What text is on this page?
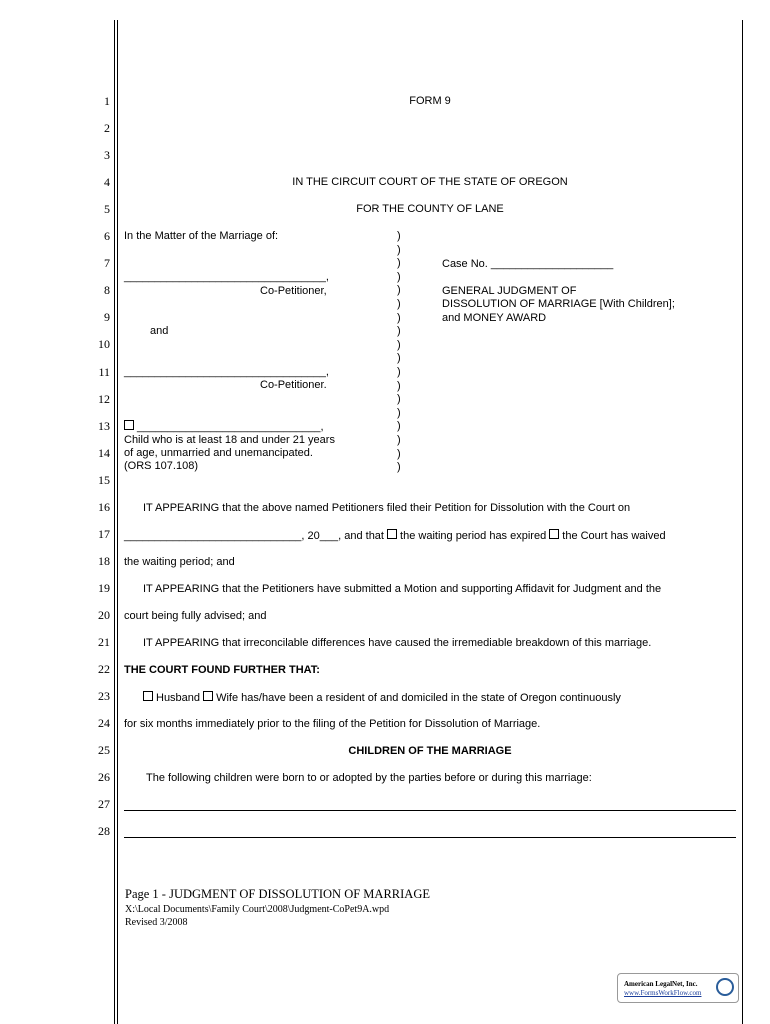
1
2
3
4
5
6
7
8
9
10
11
12
13
14
15
16
17
18
19
20
21
22
23
24
25
26
27
28
FORM 9
IN THE CIRCUIT COURT OF THE STATE OF OREGON
FOR THE COUNTY OF LANE
In the Matter of the Marriage of:
_________________________________,
Co-Petitioner,
and
_________________________________,
Co-Petitioner.
______________________________,
Child who is at least 18 and under 21 years
of age, unmarried and unemancipated.
(ORS 107.108)
)
)
)
)
)
)
)
)
)
)
)
)
)
)
)
)
)
)
Case No. ____________________
GENERAL JUDGMENT OF
DISSOLUTION OF MARRIAGE [With Children];
and MONEY AWARD
IT APPEARING that the above named Petitioners filed their Petition for Dissolution with the Court on
_____________________________, 20___, and that the waiting period has expired the Court has waived
the waiting period; and
IT APPEARING that the Petitioners have submitted a Motion and supporting Affidavit for Judgment and the
court being fully advised; and
IT APPEARING that irreconcilable differences have caused the irremediable breakdown of this marriage.
THE COURT FOUND FURTHER THAT:
Husband Wife has/have been a resident of and domiciled in the state of Oregon continuously
for six months immediately prior to the filing of the Petition for Dissolution of Marriage.
CHILDREN OF THE MARRIAGE
The following children were born to or adopted by the parties before or during this marriage:
Page 1 - JUDGMENT OF DISSOLUTION OF MARRIAGE
X:\Local Documents\Family Court\2008\Judgment-CoPet9A.wpd
Revised 3/2008
American LegalNet, Inc.
www.FormsWorkFlow.com
